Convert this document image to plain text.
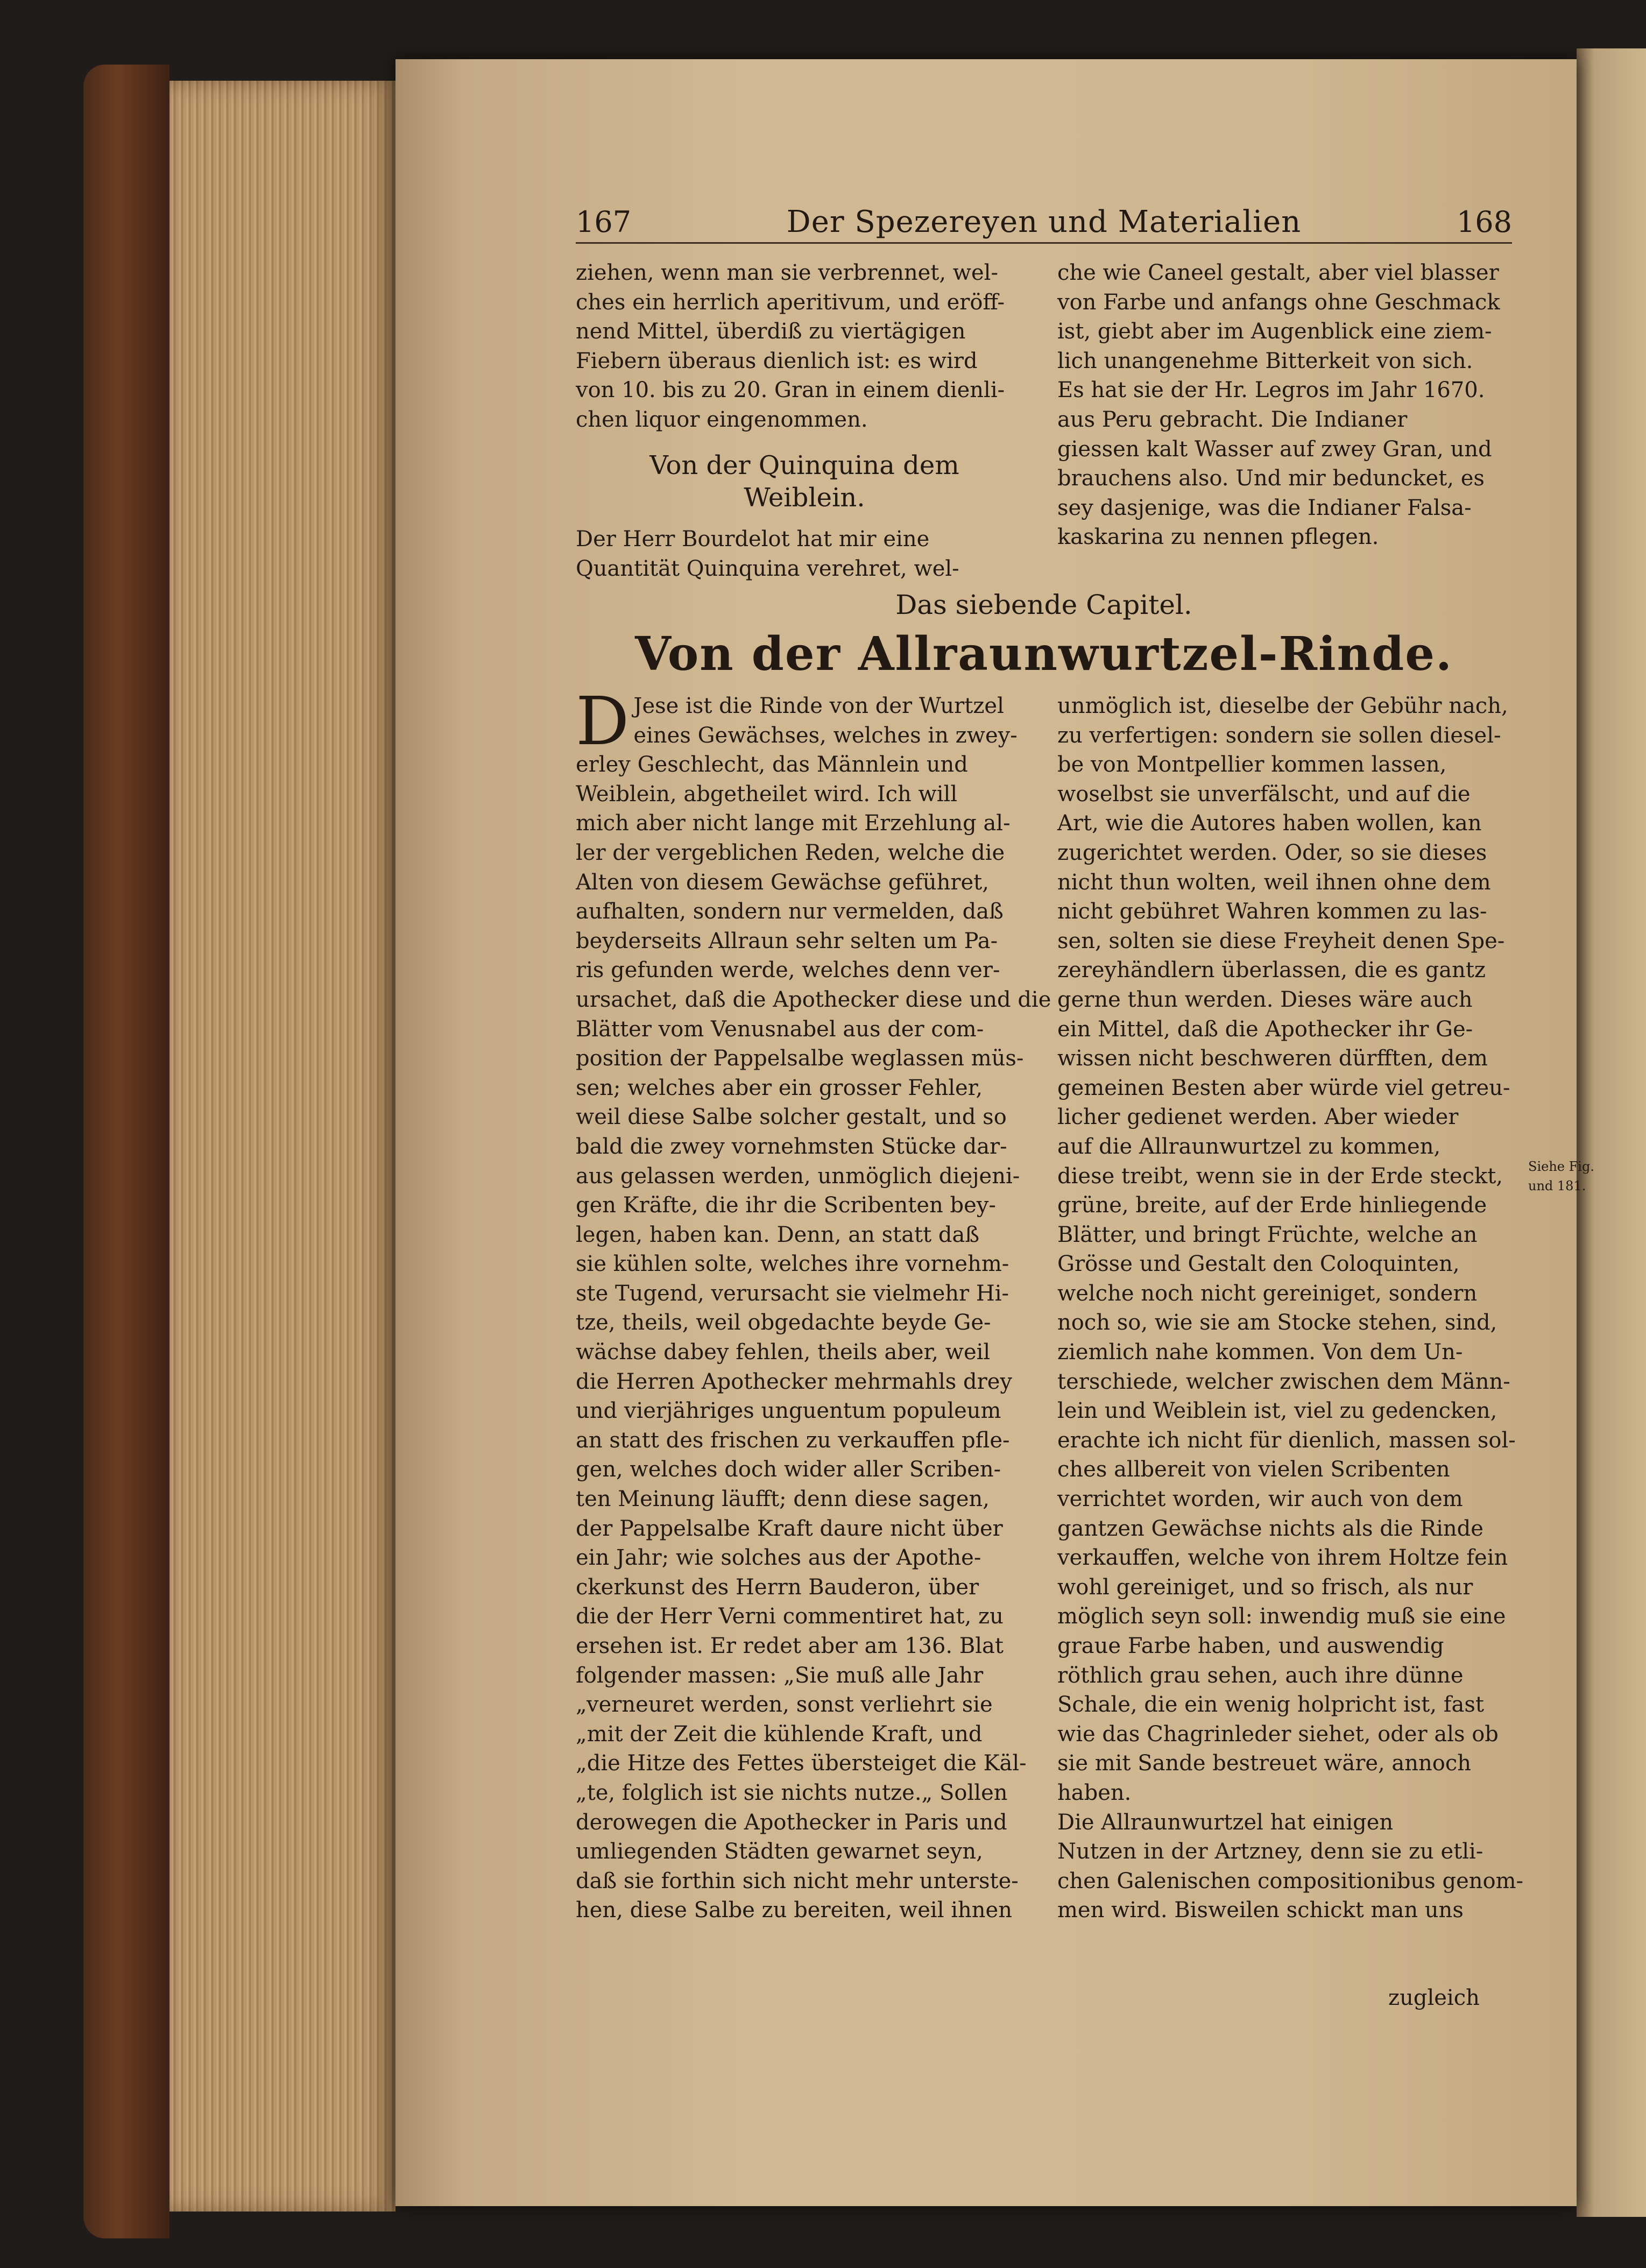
Siehe Fig.
und 181.
167	Der Spezereyen und Materialien	168
ziehen, wenn man sie verbrennet, wel-
ches ein herrlich aperitivum, und eröff-
nend Mittel, überdiß zu viertägigen
Fiebern überaus dienlich ist: es wird
von 10. bis zu 20. Gran in einem dienli-
chen liquor eingenommen.
Von der Quinquina dem
Weiblein.
Der Herr Bourdelot hat mir eine
Quantität Quinquina verehret, wel-
che wie Caneel gestalt, aber viel blasser
von Farbe und anfangs ohne Geschmack
ist, giebt aber im Augenblick eine ziem-
lich unangenehme Bitterkeit von sich.
Es hat sie der Hr. Legros im Jahr 1670.
aus Peru gebracht. Die Indianer
giessen kalt Wasser auf zwey Gran, und
brauchens also. Und mir beduncket, es
sey dasjenige, was die Indianer Falsa-
kaskarina zu nennen pflegen.
Das siebende Capitel.
Von der Allraunwurtzel-Rinde.
D Jese ist die Rinde von der Wurtzel
eines Gewächses, welches in zwey-
erley Geschlecht, das Männlein und
Weiblein, abgetheilet wird. Ich will
mich aber nicht lange mit Erzehlung al-
ler der vergeblichen Reden, welche die
Alten von diesem Gewächse geführet,
aufhalten, sondern nur vermelden, daß
beyderseits Allraun sehr selten um Pa-
ris gefunden werde, welches denn ver-
ursachet, daß die Apothecker diese und die
Blätter vom Venusnabel aus der com-
position der Pappelsalbe weglassen müs-
sen; welches aber ein grosser Fehler,
weil diese Salbe solcher gestalt, und so
bald die zwey vornehmsten Stücke dar-
aus gelassen werden, unmöglich diejeni-
gen Kräfte, die ihr die Scribenten bey-
legen, haben kan. Denn, an statt daß
sie kühlen solte, welches ihre vornehm-
ste Tugend, verursacht sie vielmehr Hi-
tze, theils, weil obgedachte beyde Ge-
wächse dabey fehlen, theils aber, weil
die Herren Apothecker mehrmahls drey
und vierjähriges unguentum populeum
an statt des frischen zu verkauffen pfle-
gen, welches doch wider aller Scriben-
ten Meinung läufft; denn diese sagen,
der Pappelsalbe Kraft daure nicht über
ein Jahr; wie solches aus der Apothe-
ckerkunst des Herrn Bauderon, über
die der Herr Verni commentiret hat, zu
ersehen ist. Er redet aber am 136. Blat
folgender massen: „Sie muß alle Jahr
„verneuret werden, sonst verliehrt sie
„mit der Zeit die kühlende Kraft, und
„die Hitze des Fettes übersteiget die Käl-
„te, folglich ist sie nichts nutze.„ Sollen
derowegen die Apothecker in Paris und
umliegenden Städten gewarnet seyn,
daß sie forthin sich nicht mehr unterste-
hen, diese Salbe zu bereiten, weil ihnen
unmöglich ist, dieselbe der Gebühr nach,
zu verfertigen: sondern sie sollen diesel-
be von Montpellier kommen lassen,
woselbst sie unverfälscht, und auf die
Art, wie die Autores haben wollen, kan
zugerichtet werden. Oder, so sie dieses
nicht thun wolten, weil ihnen ohne dem
nicht gebühret Wahren kommen zu las-
sen, solten sie diese Freyheit denen Spe-
zereyhändlern überlassen, die es gantz
gerne thun werden. Dieses wäre auch
ein Mittel, daß die Apothecker ihr Ge-
wissen nicht beschweren dürfften, dem
gemeinen Besten aber würde viel getreu-
licher gedienet werden. Aber wieder
auf die Allraunwurtzel zu kommen,
diese treibt, wenn sie in der Erde steckt,
grüne, breite, auf der Erde hinliegende
Blätter, und bringt Früchte, welche an
Grösse und Gestalt den Coloquinten,
welche noch nicht gereiniget, sondern
noch so, wie sie am Stocke stehen, sind,
ziemlich nahe kommen. Von dem Un-
terschiede, welcher zwischen dem Männ-
lein und Weiblein ist, viel zu gedencken,
erachte ich nicht für dienlich, massen sol-
ches allbereit von vielen Scribenten
verrichtet worden, wir auch von dem
gantzen Gewächse nichts als die Rinde
verkauffen, welche von ihrem Holtze fein
wohl gereiniget, und so frisch, als nur
möglich seyn soll: inwendig muß sie eine
graue Farbe haben, und auswendig
röthlich grau sehen, auch ihre dünne
Schale, die ein wenig holpricht ist, fast
wie das Chagrinleder siehet, oder als ob
sie mit Sande bestreuet wäre, annoch
haben.
Die Allraunwurtzel hat einigen
Nutzen in der Artzney, denn sie zu etli-
chen Galenischen compositionibus genom-
men wird. Bisweilen schickt man uns
zugleich
